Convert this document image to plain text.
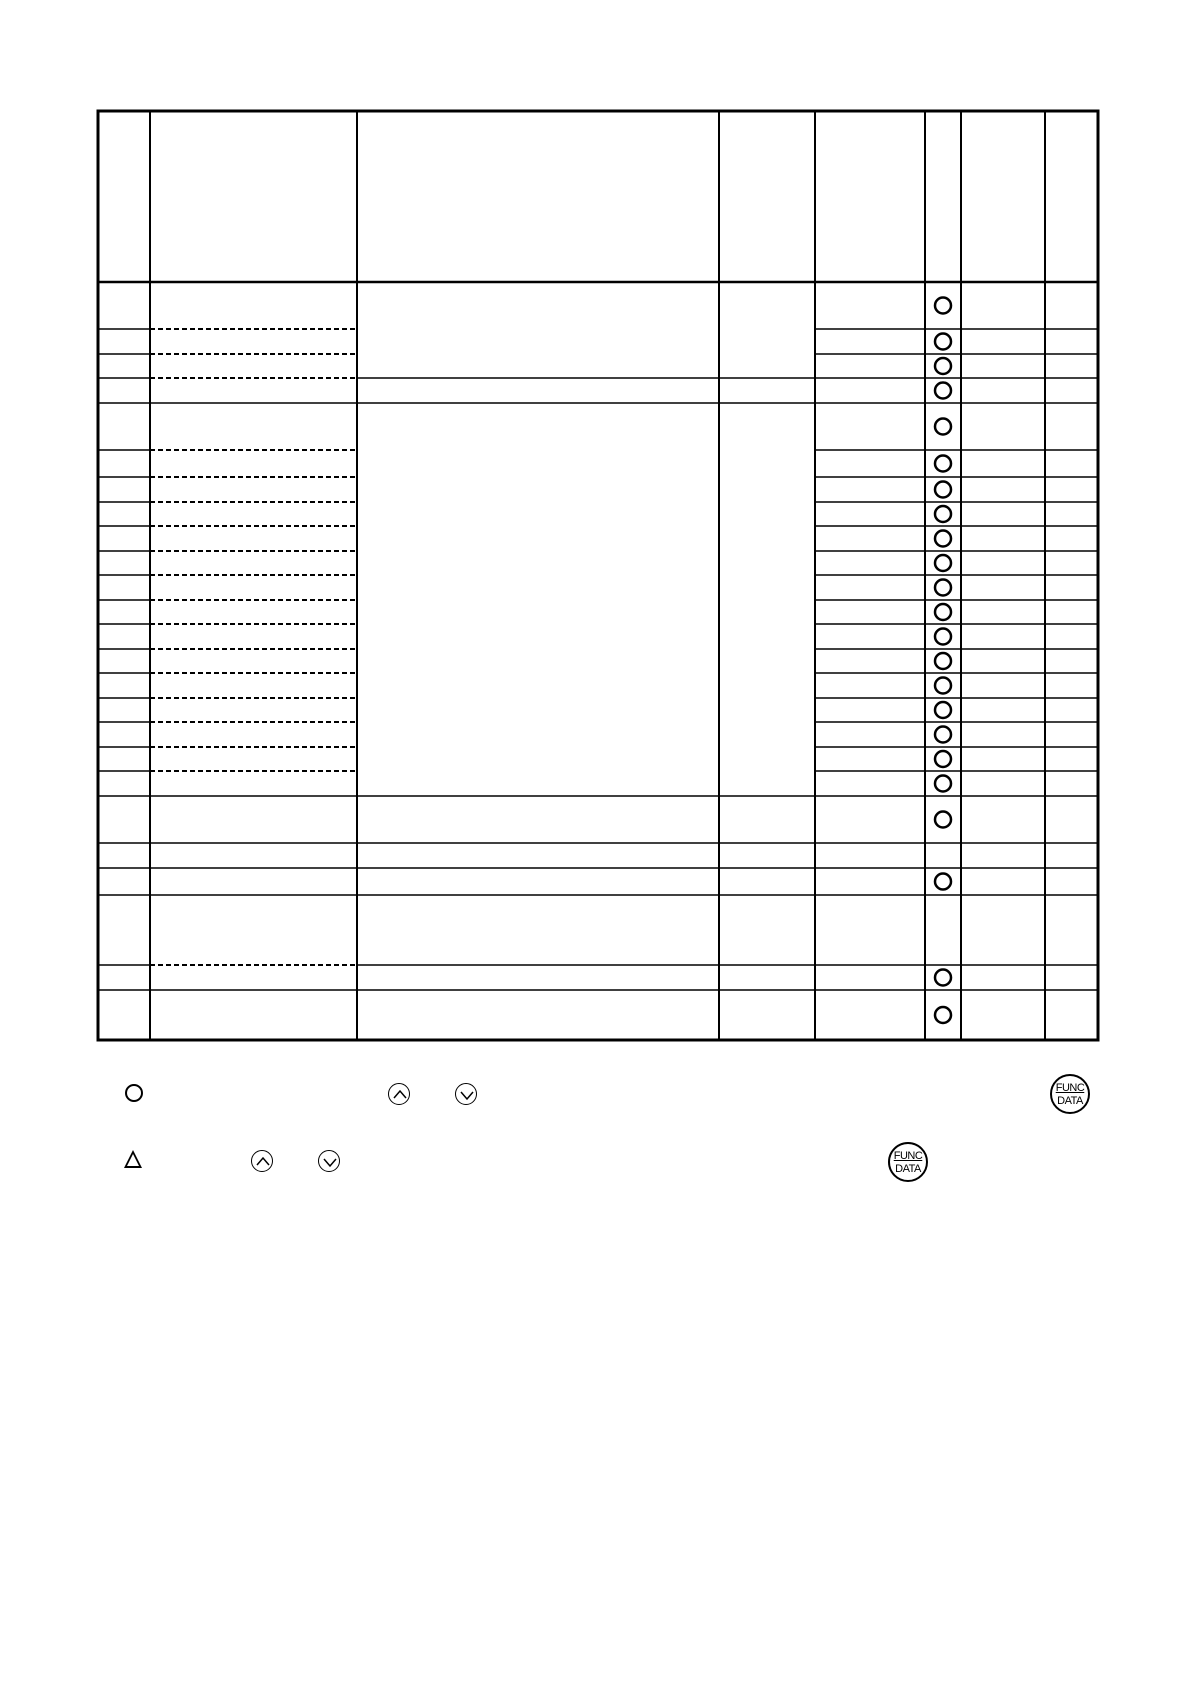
FUNC
DATA
FUNC
DATA
